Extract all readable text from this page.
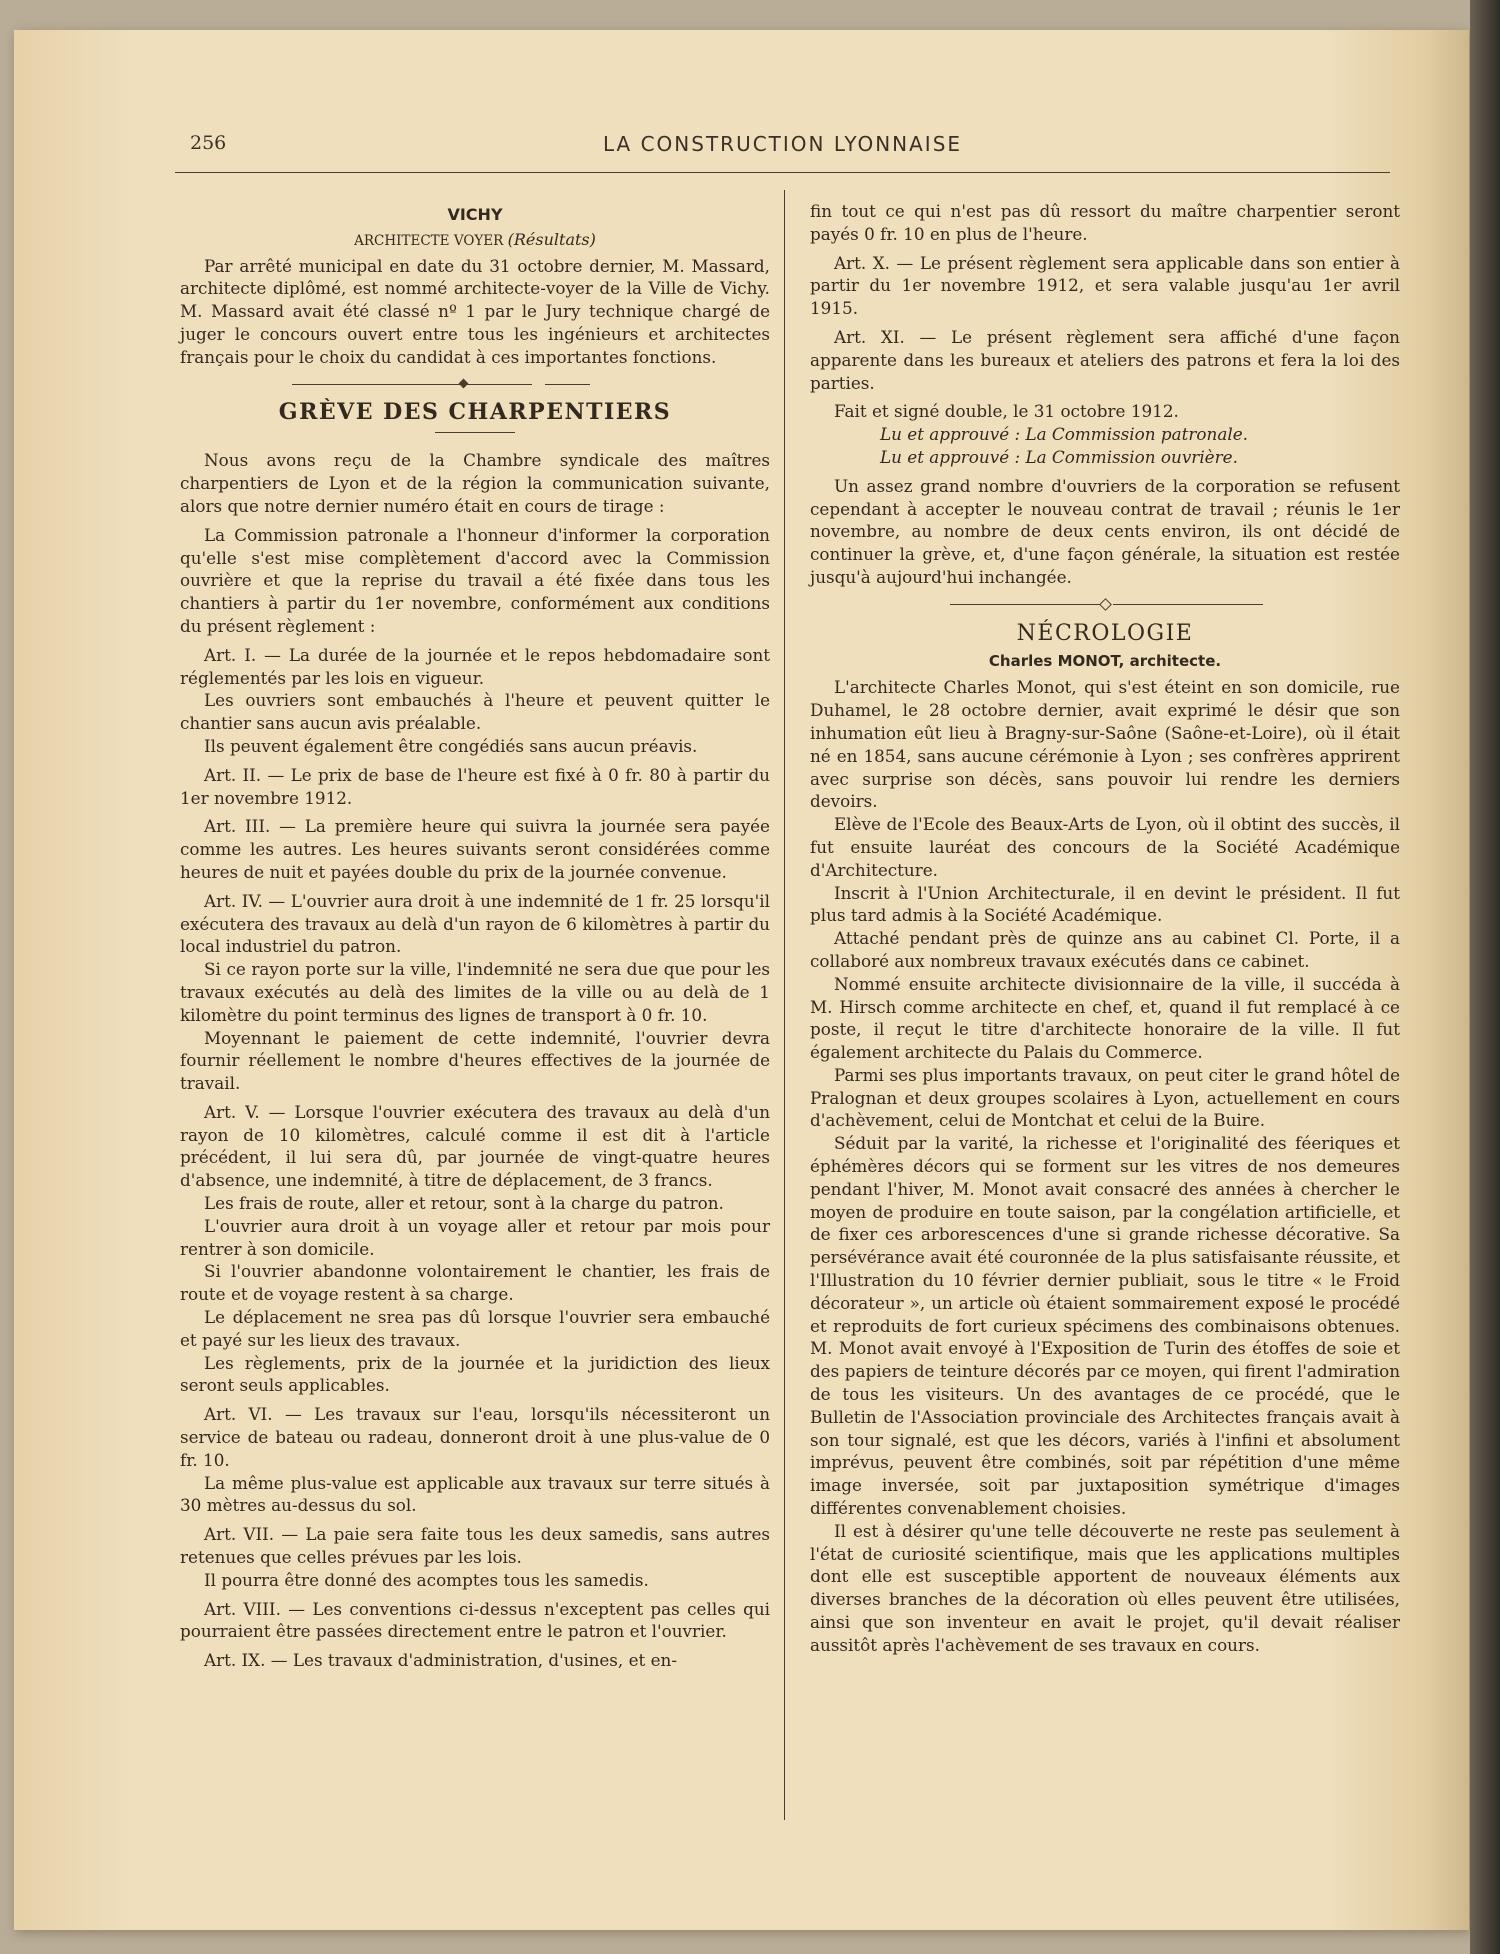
256	LA CONSTRUCTION LYONNAISE
VICHY
ARCHITECTE VOYER (Résultats)

Par arrêté municipal en date du 31 octobre dernier, M. Massard, architecte diplômé, est nommé architecte-voyer de la Ville de Vichy. M. Massard avait été classé nº 1 par le Jury technique chargé de juger le concours ouvert entre tous les ingénieurs et architectes français pour le choix du candidat à ces importantes fonctions.

GRÈVE DES CHARPENTIERS

Nous avons reçu de la Chambre syndicale des maîtres charpentiers de Lyon et de la région la communication suivante, alors que notre dernier numéro était en cours de tirage :

La Commission patronale a l'honneur d'informer la corporation qu'elle s'est mise complètement d'accord avec la Commission ouvrière et que la reprise du travail a été fixée dans tous les chantiers à partir du 1er novembre, conformément aux conditions du présent règlement :

Art. I. — La durée de la journée et le repos hebdomadaire sont réglementés par les lois en vigueur.

Les ouvriers sont embauchés à l'heure et peuvent quitter le chantier sans aucun avis préalable.

Ils peuvent également être congédiés sans aucun préavis.

Art. II. — Le prix de base de l'heure est fixé à 0 fr. 80 à partir du 1er novembre 1912.

Art. III. — La première heure qui suivra la journée sera payée comme les autres. Les heures suivants seront considérées comme heures de nuit et payées double du prix de la journée convenue.

Art. IV. — L'ouvrier aura droit à une indemnité de 1 fr. 25 lorsqu'il exécutera des travaux au delà d'un rayon de 6 kilomètres à partir du local industriel du patron.

Si ce rayon porte sur la ville, l'indemnité ne sera due que pour les travaux exécutés au delà des limites de la ville ou au delà de 1 kilomètre du point terminus des lignes de transport à 0 fr. 10.

Moyennant le paiement de cette indemnité, l'ouvrier devra fournir réellement le nombre d'heures effectives de la journée de travail.

Art. V. — Lorsque l'ouvrier exécutera des travaux au delà d'un rayon de 10 kilomètres, calculé comme il est dit à l'article précédent, il lui sera dû, par journée de vingt-quatre heures d'absence, une indemnité, à titre de déplacement, de 3 francs.

Les frais de route, aller et retour, sont à la charge du patron.

L'ouvrier aura droit à un voyage aller et retour par mois pour rentrer à son domicile.

Si l'ouvrier abandonne volontairement le chantier, les frais de route et de voyage restent à sa charge.

Le déplacement ne srea pas dû lorsque l'ouvrier sera embauché et payé sur les lieux des travaux.

Les règlements, prix de la journée et la juridiction des lieux seront seuls applicables.

Art. VI. — Les travaux sur l'eau, lorsqu'ils nécessiteront un service de bateau ou radeau, donneront droit à une plus-value de 0 fr. 10.

La même plus-value est applicable aux travaux sur terre situés à 30 mètres au-dessus du sol.

Art. VII. — La paie sera faite tous les deux samedis, sans autres retenues que celles prévues par les lois.

Il pourra être donné des acomptes tous les samedis.

Art. VIII. — Les conventions ci-dessus n'exceptent pas celles qui pourraient être passées directement entre le patron et l'ouvrier.

Art. IX. — Les travaux d'administration, d'usines, et en-

fin tout ce qui n'est pas dû ressort du maître charpentier seront payés 0 fr. 10 en plus de l'heure.

Art. X. — Le présent règlement sera applicable dans son entier à partir du 1er novembre 1912, et sera valable jusqu'au 1er avril 1915.

Art. XI. — Le présent règlement sera affiché d'une façon apparente dans les bureaux et ateliers des patrons et fera la loi des parties.

Fait et signé double, le 31 octobre 1912.

Lu et approuvé : La Commission patronale.

Lu et approuvé : La Commission ouvrière.

Un assez grand nombre d'ouvriers de la corporation se refusent cependant à accepter le nouveau contrat de travail ; réunis le 1er novembre, au nombre de deux cents environ, ils ont décidé de continuer la grève, et, d'une façon générale, la situation est restée jusqu'à aujourd'hui inchangée.

NÉCROLOGIE
Charles MONOT, architecte.

L'architecte Charles Monot, qui s'est éteint en son domicile, rue Duhamel, le 28 octobre dernier, avait exprimé le désir que son inhumation eût lieu à Bragny-sur-Saône (Saône-et-Loire), où il était né en 1854, sans aucune cérémonie à Lyon ; ses confrères apprirent avec surprise son décès, sans pouvoir lui rendre les derniers devoirs.

Elève de l'Ecole des Beaux-Arts de Lyon, où il obtint des succès, il fut ensuite lauréat des concours de la Société Académique d'Architecture.

Inscrit à l'Union Architecturale, il en devint le président. Il fut plus tard admis à la Société Académique.

Attaché pendant près de quinze ans au cabinet Cl. Porte, il a collaboré aux nombreux travaux exécutés dans ce cabinet.

Nommé ensuite architecte divisionnaire de la ville, il succéda à M. Hirsch comme architecte en chef, et, quand il fut remplacé à ce poste, il reçut le titre d'architecte honoraire de la ville. Il fut également architecte du Palais du Commerce.

Parmi ses plus importants travaux, on peut citer le grand hôtel de Pralognan et deux groupes scolaires à Lyon, actuellement en cours d'achèvement, celui de Montchat et celui de la Buire.

Séduit par la varité, la richesse et l'originalité des féeriques et éphémères décors qui se forment sur les vitres de nos demeures pendant l'hiver, M. Monot avait consacré des années à chercher le moyen de produire en toute saison, par la congélation artificielle, et de fixer ces arborescences d'une si grande richesse décorative. Sa persévérance avait été couronnée de la plus satisfaisante réussite, et l'Illustration du 10 février dernier publiait, sous le titre « le Froid décorateur », un article où étaient sommairement exposé le procédé et reproduits de fort curieux spécimens des combinaisons obtenues. M. Monot avait envoyé à l'Exposition de Turin des étoffes de soie et des papiers de teinture décorés par ce moyen, qui firent l'admiration de tous les visiteurs. Un des avantages de ce procédé, que le Bulletin de l'Association provinciale des Architectes français avait à son tour signalé, est que les décors, variés à l'infini et absolument imprévus, peuvent être combinés, soit par répétition d'une même image inversée, soit par juxtaposition symétrique d'images différentes convenablement choisies.

Il est à désirer qu'une telle découverte ne reste pas seulement à l'état de curiosité scientifique, mais que les applications multiples dont elle est susceptible apportent de nouveaux éléments aux diverses branches de la décoration où elles peuvent être utilisées, ainsi que son inventeur en avait le projet, qu'il devait réaliser aussitôt après l'achèvement de ses travaux en cours.
